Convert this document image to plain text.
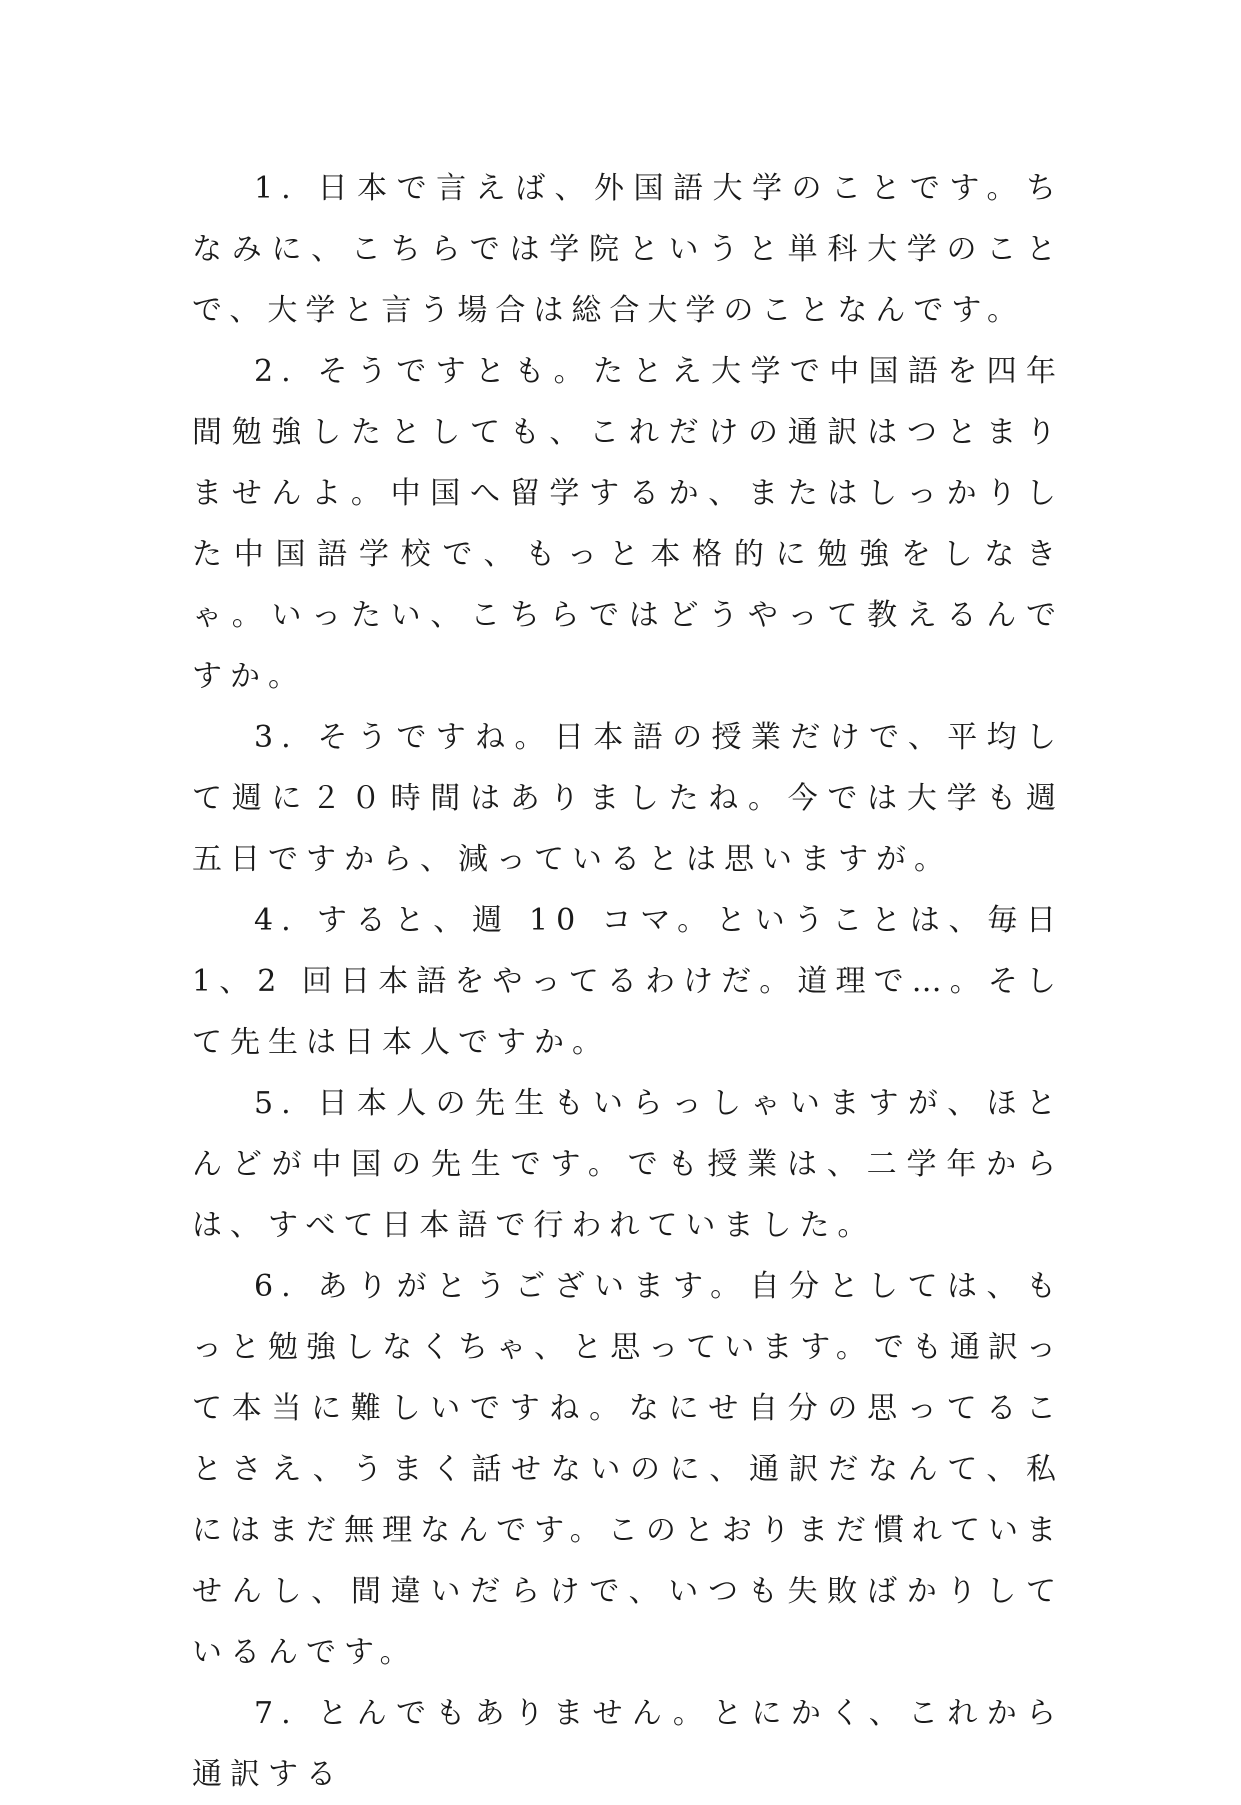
1. 日本で言えば、外国語大学のことです。ちなみに、こちらでは学院というと単科大学のことで、大学と言う場合は総合大学のことなんです。

2. そうですとも。たとえ大学で中国語を四年間勉強したとしても、これだけの通訳はつとまりませんよ。中国へ留学するか、またはしっかりした中国語学校で、もっと本格的に勉強をしなきゃ。いったい、こちらではどうやって教えるんですか。

3. そうですね。日本語の授業だけで、平均して週に２０時間はありましたね。今では大学も週五日ですから、減っているとは思いますが。

4. すると、週 10 コマ。ということは、毎日 1、2 回日本語をやってるわけだ。道理で…。そして先生は日本人ですか。

5. 日本人の先生もいらっしゃいますが、ほとんどが中国の先生です。でも授業は、二学年からは、すべて日本語で行われていました。

6. ありがとうございます。自分としては、もっと勉強しなくちゃ、と思っています。でも通訳って本当に難しいですね。なにせ自分の思ってることさえ、うまく話せないのに、通訳だなんて、私にはまだ無理なんです。このとおりまだ慣れていませんし、間違いだらけで、いつも失敗ばかりしているんです。

7. とんでもありません。とにかく、これから通訳する
